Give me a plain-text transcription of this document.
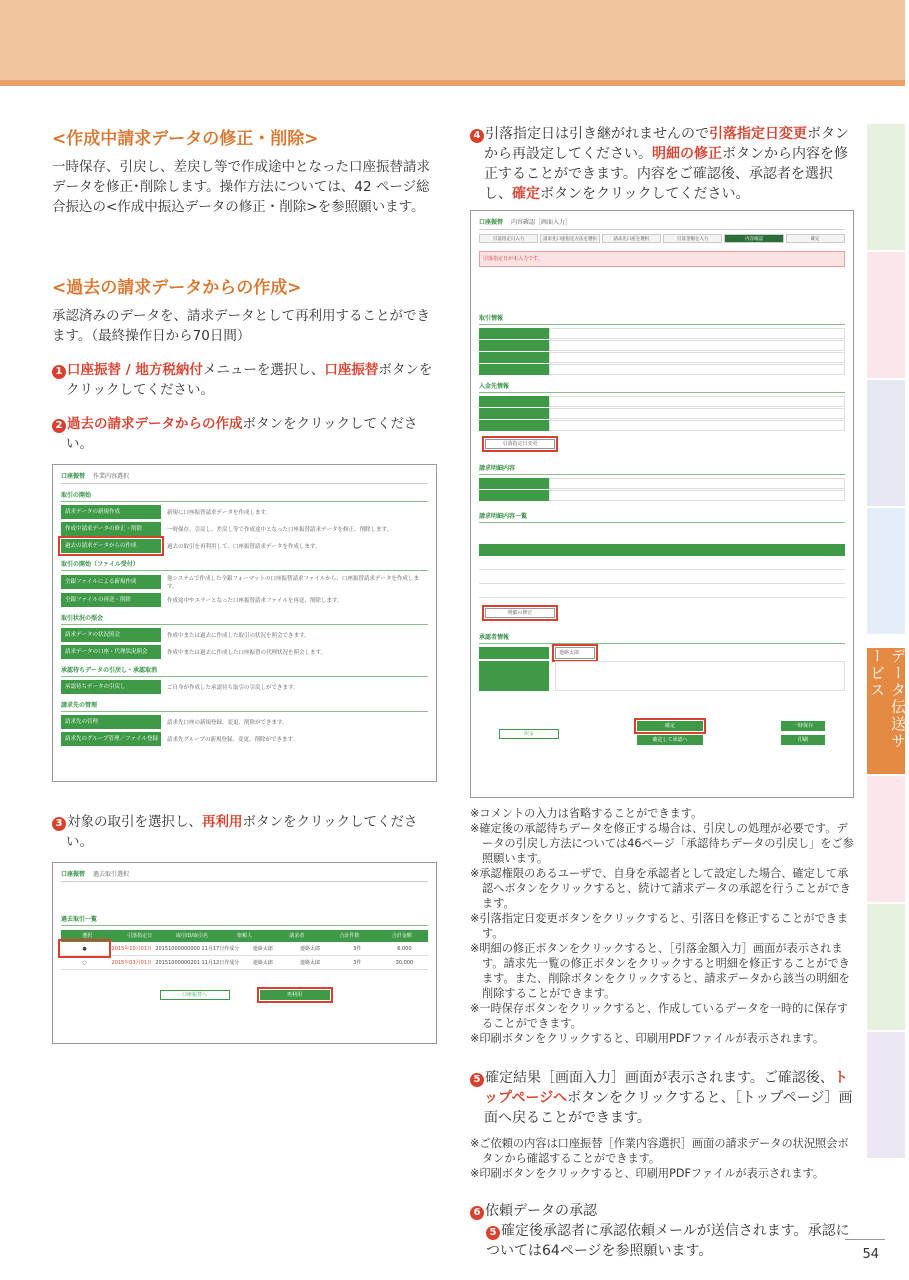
データ伝送サービス
<作成中請求データの修正・削除>
一時保存、引戻し、差戻し等で作成途中となった口座振替請求データを修正･削除します。操作方法については、42 ページ総合振込の<作成中振込データの修正・削除>を参照願います。
<過去の請求データからの作成>
承認済みのデータを、請求データとして再利用することができます。（最終操作日から70日間）
1 口座振替 / 地方税納付メニューを選択し、口座振替ボタンをクリックしてください。
2 過去の請求データからの作成ボタンをクリックしてください。
口座振替 作業内容選択
取引の開始
請求データの新規作成	新規に口座振替請求データを作成します。
作成中請求データの修正・削除	一時保存、引戻し、差戻し等で作成途中となった口座振替請求データを修正、削除します。
過去の請求データからの作成	過去の取引を再利用して、口座振替請求データを作成します。
取引の開始（ファイル受付）
全銀ファイルによる新規作成	他システムで作成した全銀フォーマットの口座振替請求ファイルから、口座振替請求データを作成します。
全銀ファイルの再送・削除	作成途中やエラーとなった口座振替請求ファイルを再送、削除します。
取引状況の照会
請求データの状況照会	作成中または過去に作成した取引の状況を照会できます。
請求データの口座・代理状況照会	作成中または過去に作成した口座振替の代理状況を照会します。
承認待ちデータの引戻し・承認取消
承認待ちデータの引戻し	ご自身が作成した承認待ち取引の引戻しができます。
請求先の管理
請求先の管理	請求先口座の新規登録、変更、削除ができます。
請求先のグループ管理／ファイル登録	請求先グループの新規登録、変更、削除ができます。
3 対象の取引を選択し、再利用ボタンをクリックしてください。
口座振替 過去取引選択
過去取引一覧
選択	引落指定日	取引ID/取引名	依頼人	請求者	合計件数	合計金額
●	2015年10月01日 20151000000000 11月17日作成分	連絡太郎	連絡太郎	3件	6,000
○	2015年03月01日 20151000000201 11月12日作成分	連絡太郎	連絡太郎	3件	30,000
口座振替へ	再利用
4 引落指定日は引き継がれませんので引落指定日変更ボタンから再設定してください。明細の修正ボタンから内容を修正することができます。内容をご確認後、承認者を選択し、確定ボタンをクリックしてください。
口座振替 内容確認［画面入力］
引落指定日入力	請求先口座指定方法を選択	請求先口座を選択	引落金額を入力	内容確認	確定
引落指定日が未入力です。
取引情報
入金先情報
引落指定日変更
請求明細内容
請求明細内容一覧
明細の修正
承認者情報
連絡太郎
戻る
確定
確定して承認へ
一時保存
印刷

※コメントの入力は省略することができます。

※確定後の承認待ちデータを修正する場合は、引戻しの処理が必要です。データの引戻し方法については46ページ「承認待ちデータの引戻し」をご参照願います。

※承認権限のあるユーザで、自身を承認者として設定した場合、確定して承認へボタンをクリックすると、続けて請求データの承認を行うことができます。

※引落指定日変更ボタンをクリックすると、引落日を修正することができます。

※明細の修正ボタンをクリックすると、［引落金額入力］画面が表示されます。請求先一覧の修正ボタンをクリックすると明細を修正することができます。また、削除ボタンをクリックすると、請求データから該当の明細を削除することができます。

※一時保存ボタンをクリックすると、作成しているデータを一時的に保存することができます。

※印刷ボタンをクリックすると、印刷用PDFファイルが表示されます。

5 確定結果［画面入力］画面が表示されます。ご確認後、トップページへボタンをクリックすると、［トップページ］画面へ戻ることができます。

※ご依頼の内容は口座振替［作業内容選択］画面の請求データの状況照会ボタンから確認することができます。

※印刷ボタンをクリックすると、印刷用PDFファイルが表示されます。

6 依頼データの承認
5 確定後承認者に承認依頼メールが送信されます。承認については64ページを参照願います。	54
